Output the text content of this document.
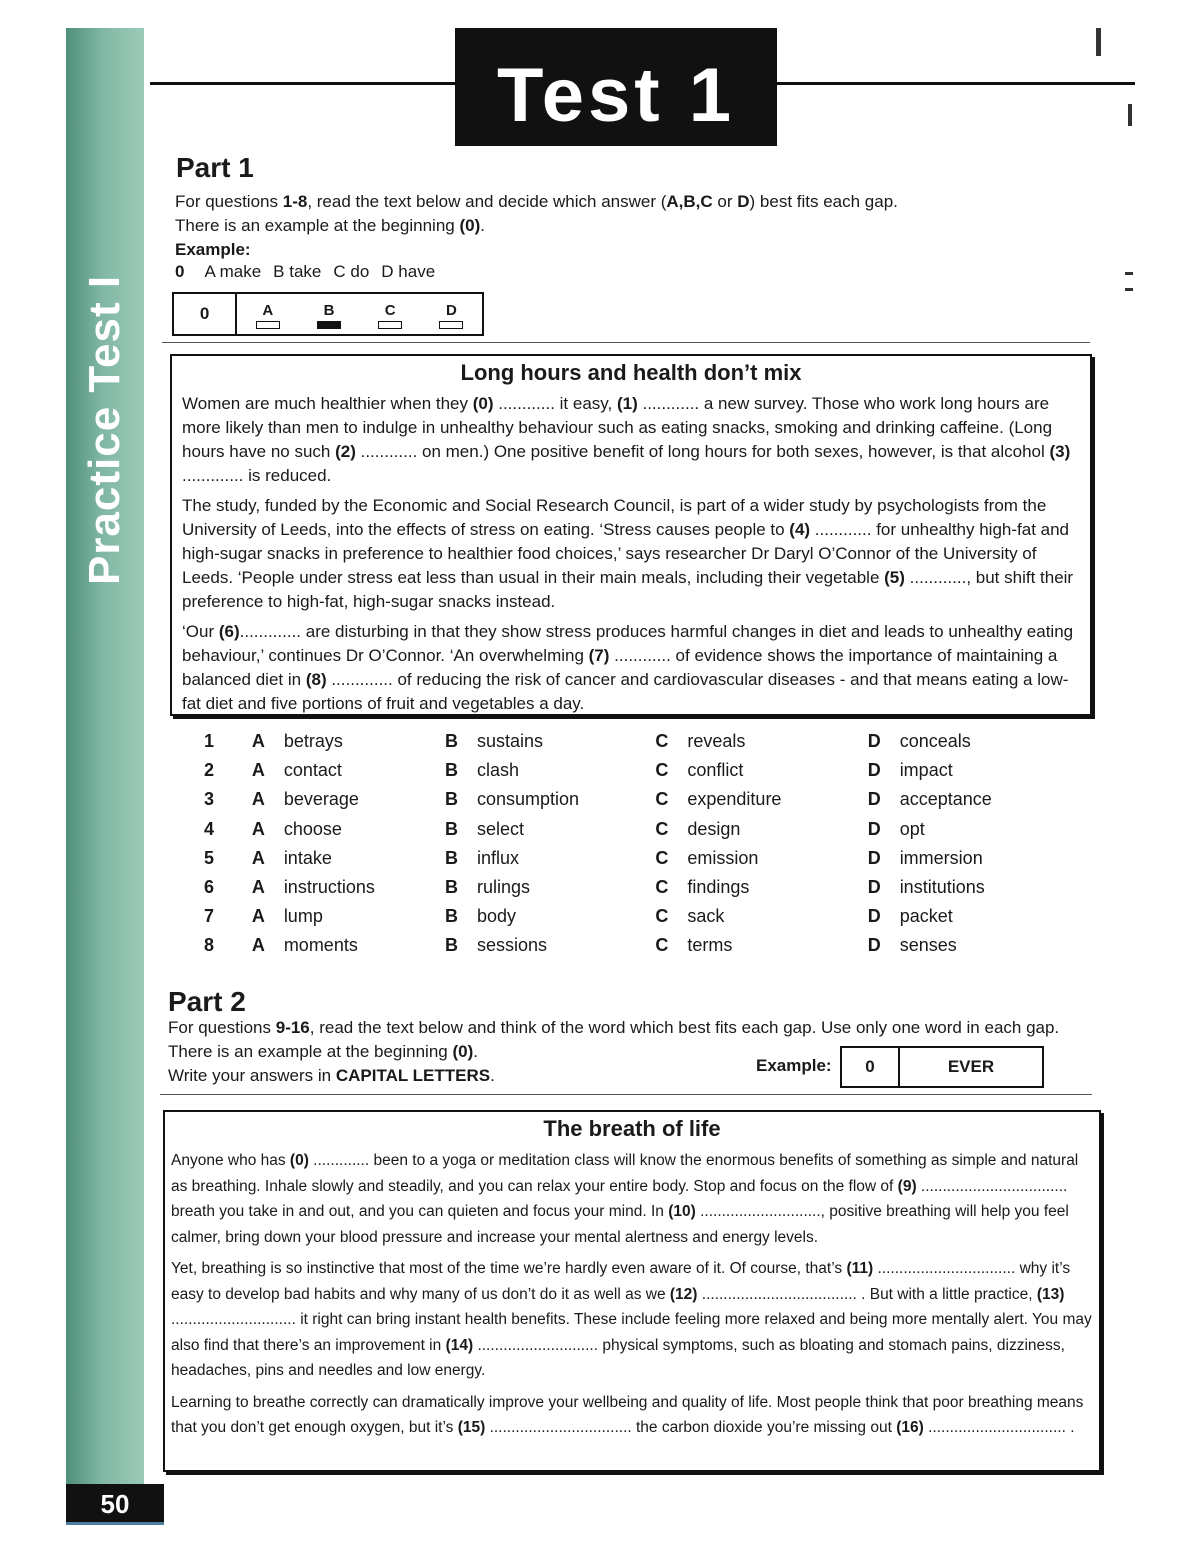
Practice Test I
50
Test 1
Part 1
For questions 1-8, read the text below and decide which answer (A,B,C or D) best fits each gap.
There is an example at the beginning (0).
Example:
0 A make B take C do D have
0	A	B	C	D
Long hours and health don’t mix

Women are much healthier when they (0) ............ it easy, (1) ............ a new survey. Those who work long hours are more likely than men to indulge in unhealthy behaviour such as eating snacks, smoking and drinking caffeine. (Long hours have no such (2) ............ on men.) One positive benefit of long hours for both sexes, however, is that alcohol (3) ............. is reduced.

The study, funded by the Economic and Social Research Council, is part of a wider study by psychologists from the University of Leeds, into the effects of stress on eating. ‘Stress causes people to (4) ............ for unhealthy high-fat and high-sugar snacks in preference to healthier food choices,’ says researcher Dr Daryl O’Connor of the University of Leeds. ‘People under stress eat less than usual in their main meals, including their vegetable (5) ............, but shift their preference to high-fat, high-sugar snacks instead.

‘Our (6)............. are disturbing in that they show stress produces harmful changes in diet and leads to unhealthy eating behaviour,’ continues Dr O’Connor. ‘An overwhelming (7) ............ of evidence shows the importance of maintaining a balanced diet in (8) ............. of reducing the risk of cancer and cardiovascular diseases - and that means eating a low-fat diet and five portions of fruit and vegetables a day.

1	A	betrays	B	sustains	C	reveals	D	conceals
2	A	contact	B	clash	C	conflict	D	impact
3	A	beverage	B	consumption	C	expenditure	D	acceptance
4	A	choose	B	select	C	design	D	opt
5	A	intake	B	influx	C	emission	D	immersion
6	A	instructions	B	rulings	C	findings	D	institutions
7	A	lump	B	body	C	sack	D	packet
8	A	moments	B	sessions	C	terms	D	senses
Part 2
For questions 9-16, read the text below and think of the word which best fits each gap. Use only one word in each gap. There is an example at the beginning (0).
Write your answers in CAPITAL LETTERS.
Example:	0	EVER
The breath of life

Anyone who has (0) ............. been to a yoga or meditation class will know the enormous benefits of something as simple and natural as breathing. Inhale slowly and steadily, and you can relax your entire body. Stop and focus on the flow of (9) .................................. breath you take in and out, and you can quieten and focus your mind. In (10) ............................, positive breathing will help you feel calmer, bring down your blood pressure and increase your mental alertness and energy levels.

Yet, breathing is so instinctive that most of the time we’re hardly even aware of it. Of course, that’s (11) ................................ why it’s easy to develop bad habits and why many of us don’t do it as well as we (12) .................................... . But with a little practice, (13) ............................. it right can bring instant health benefits. These include feeling more relaxed and being more mentally alert. You may also find that there’s an improvement in (14) ............................ physical symptoms, such as bloating and stomach pains, dizziness, headaches, pins and needles and low energy.

Learning to breathe correctly can dramatically improve your wellbeing and quality of life. Most people think that poor breathing means that you don’t get enough oxygen, but it’s (15) ................................. the carbon dioxide you’re missing out (16) ................................ .
